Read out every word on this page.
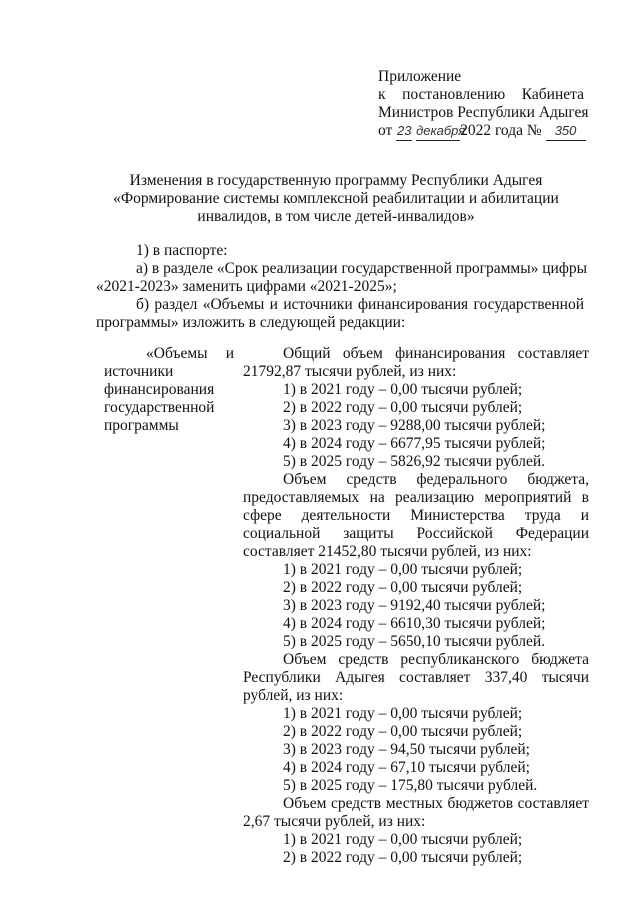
Приложение
к постановлению Кабинета
Министров Республики Адыгея
от 23 декабря2022 года № 350
Изменения в государственную программу Республики Адыгея
«Формирование системы комплексной реабилитации и абилитации
инвалидов, в том числе детей-инвалидов»
1) в паспорте:
а) в разделе «Срок реализации государственной программы» цифры
«2021-2023» заменить цифрами «2021-2025»;
б) раздел «Объемы и источники финансирования государственной
программы» изложить в следующей редакции:
«Объемы и
источники
финансирования
государственной
программы
Общий объем финансирования составляет
21792,87 тысячи рублей, из них:
1) в 2021 году – 0,00 тысячи рублей;
2) в 2022 году – 0,00 тысячи рублей;
3) в 2023 году – 9288,00 тысячи рублей;
4) в 2024 году – 6677,95 тысячи рублей;
5) в 2025 году – 5826,92 тысячи рублей.
Объем средств федерального бюджета,
предоставляемых на реализацию мероприятий в
сфере деятельности Министерства труда и
социальной защиты Российской Федерации
составляет 21452,80 тысячи рублей, из них:
1) в 2021 году – 0,00 тысячи рублей;
2) в 2022 году – 0,00 тысячи рублей;
3) в 2023 году – 9192,40 тысячи рублей;
4) в 2024 году – 6610,30 тысячи рублей;
5) в 2025 году – 5650,10 тысячи рублей.
Объем средств республиканского бюджета
Республики Адыгея составляет 337,40 тысячи
рублей, из них:
1) в 2021 году – 0,00 тысячи рублей;
2) в 2022 году – 0,00 тысячи рублей;
3) в 2023 году – 94,50 тысячи рублей;
4) в 2024 году – 67,10 тысячи рублей;
5) в 2025 году – 175,80 тысячи рублей.
Объем средств местных бюджетов составляет
2,67 тысячи рублей, из них:
1) в 2021 году – 0,00 тысячи рублей;
2) в 2022 году – 0,00 тысячи рублей;
